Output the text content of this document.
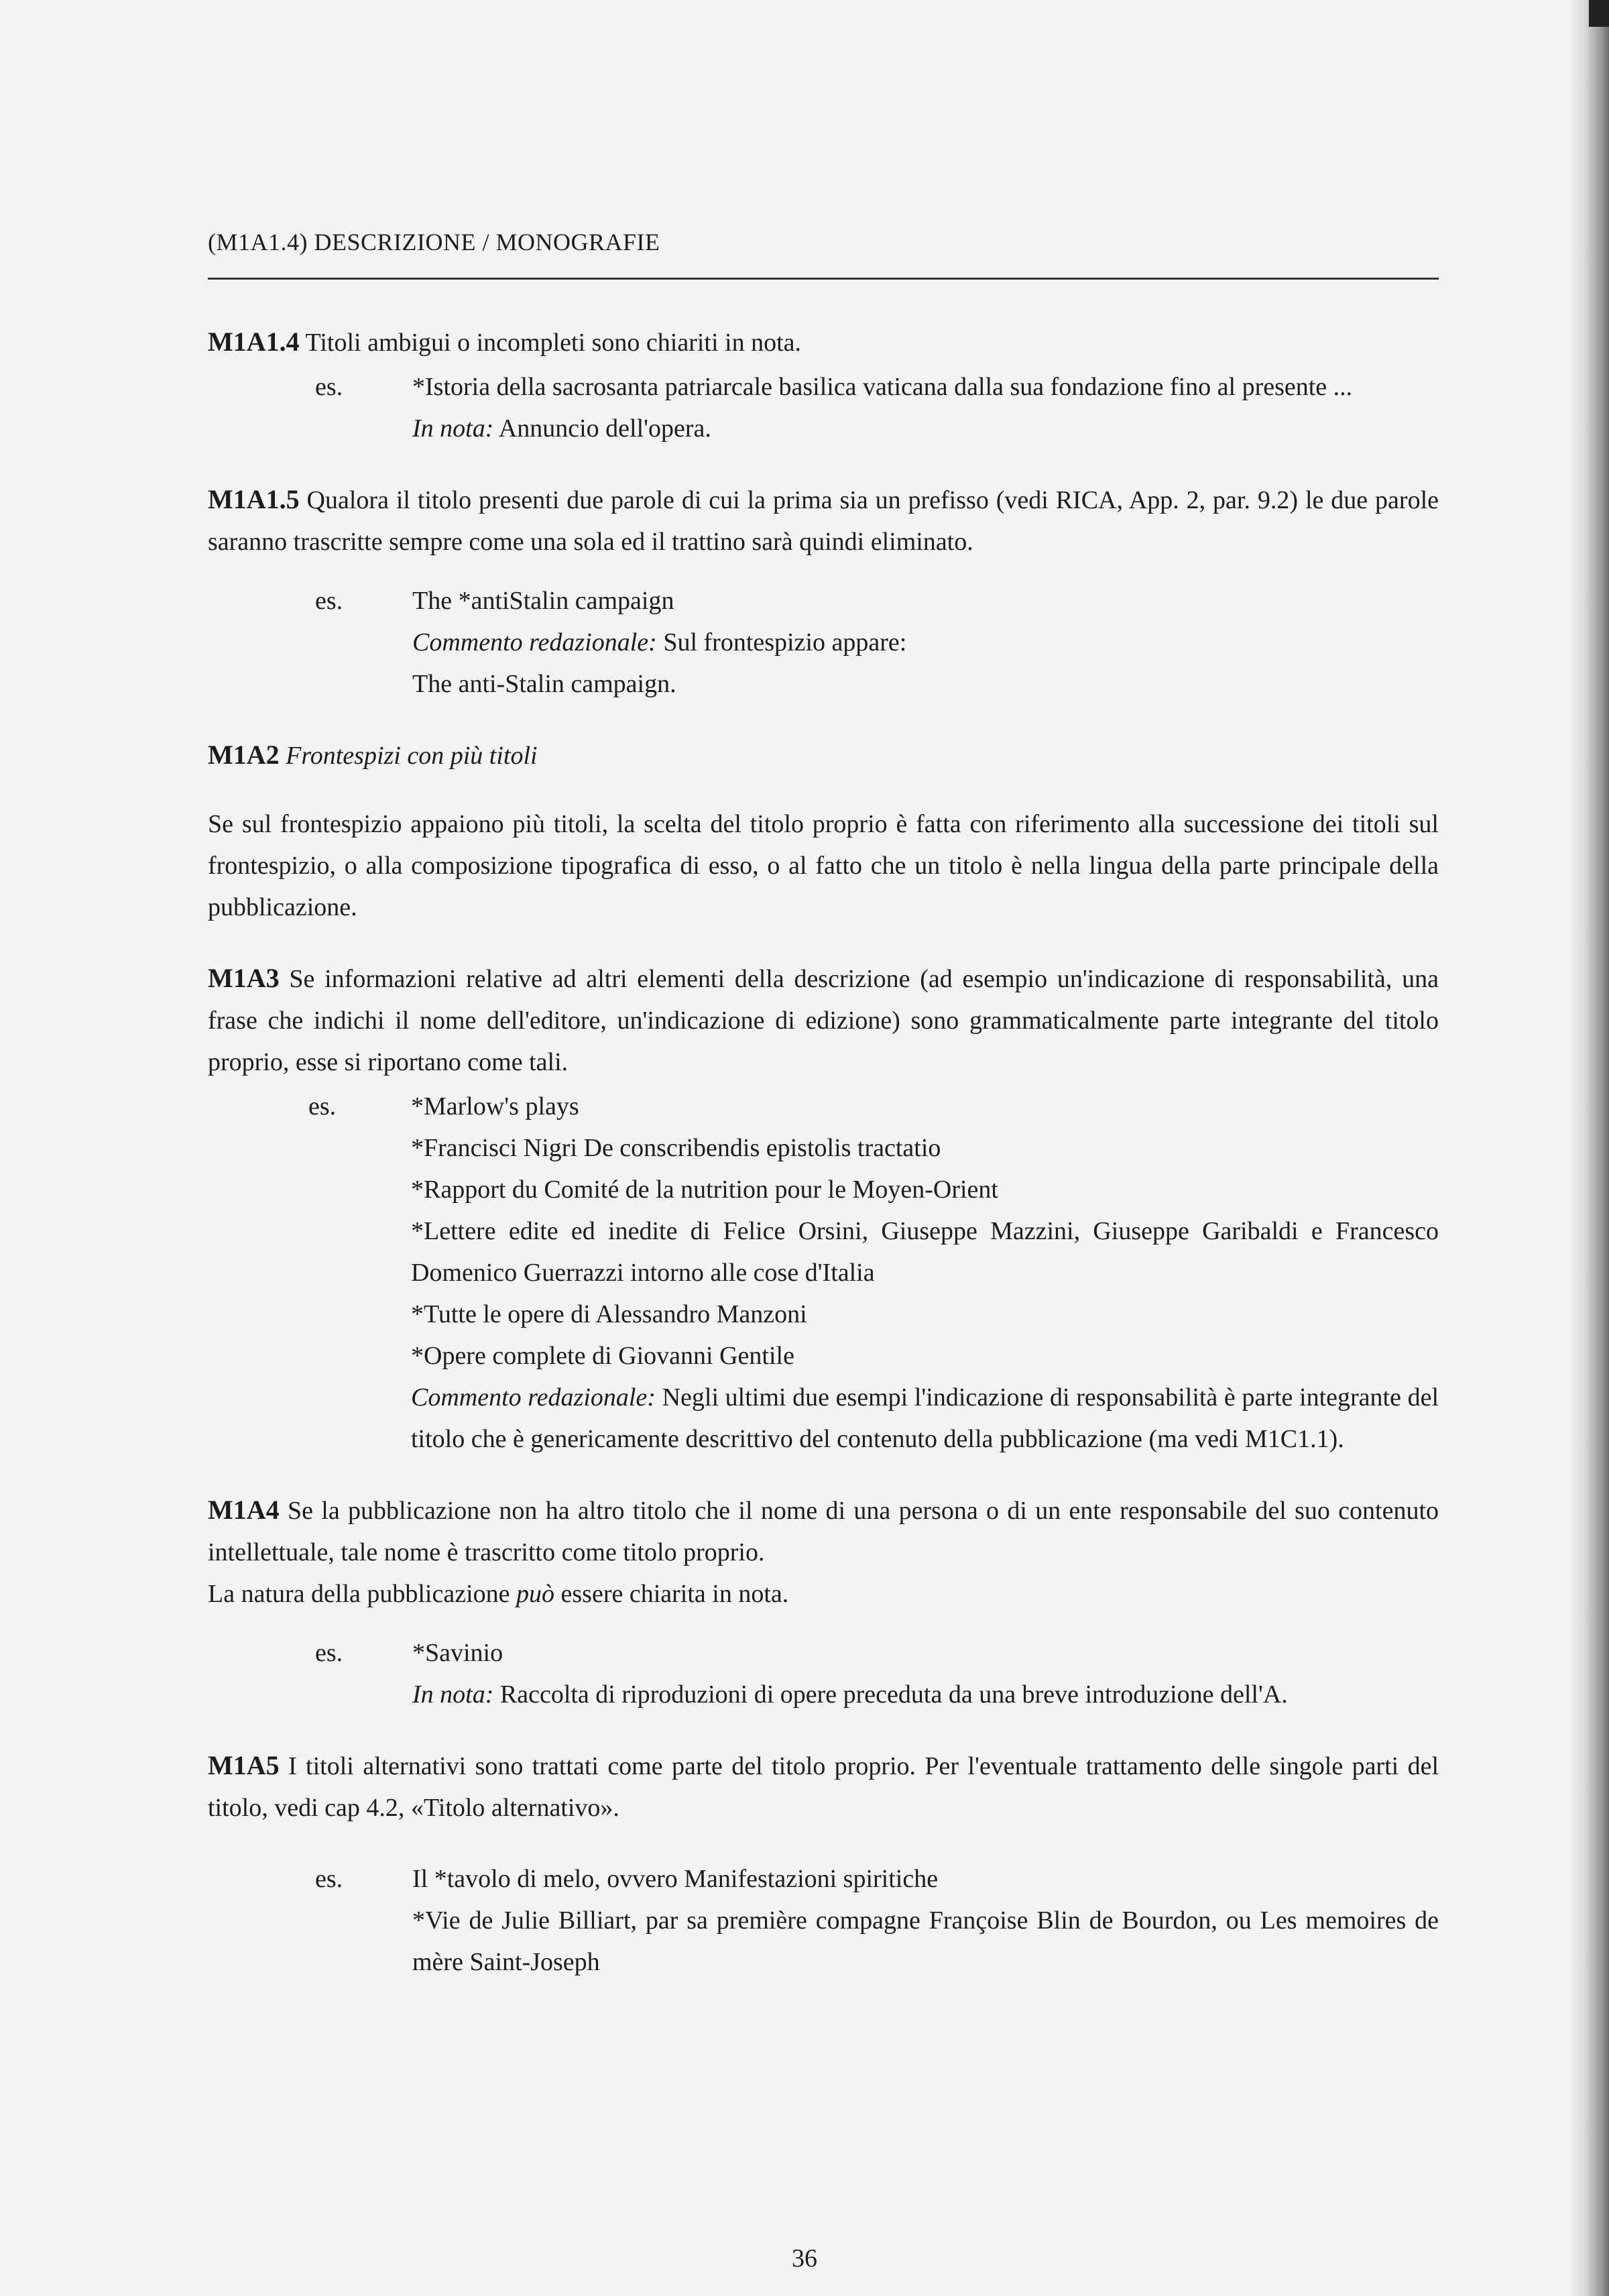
(M1A1.4) DESCRIZIONE / MONOGRAFIE
M1A1.4 Titoli ambigui o incompleti sono chiariti in nota.
es.	*Istoria della sacrosanta patriarcale basilica vaticana dalla sua fondazione fino al presente ...

In nota: Annuncio dell'opera.

M1A1.5 Qualora il titolo presenti due parole di cui la prima sia un prefisso (vedi RICA, App. 2, par. 9.2) le due parole saranno trascritte sempre come una sola ed il trattino sarà quindi eliminato.
es.	The *antiStalin campaign

Commento redazionale: Sul frontespizio appare:

The anti-Stalin campaign.

M1A2 Frontespizi con più titoli
Se sul frontespizio appaiono più titoli, la scelta del titolo proprio è fatta con riferimento alla successione dei titoli sul frontespizio, o alla composizione tipografica di esso, o al fatto che un titolo è nella lingua della parte principale della pubblicazione.
M1A3 Se informazioni relative ad altri elementi della descrizione (ad esempio un'indicazione di responsabilità, una frase che indichi il nome dell'editore, un'indicazione di edizione) sono grammaticalmente parte integrante del titolo proprio, esse si riportano come tali.
es.	*Marlow's plays

*Francisci Nigri De conscribendis epistolis tractatio

*Rapport du Comité de la nutrition pour le Moyen-Orient

*Lettere edite ed inedite di Felice Orsini, Giuseppe Mazzini, Giuseppe Garibaldi e Francesco Domenico Guerrazzi intorno alle cose d'Italia

*Tutte le opere di Alessandro Manzoni

*Opere complete di Giovanni Gentile

Commento redazionale: Negli ultimi due esempi l'indicazione di responsabilità è parte integrante del titolo che è genericamente descrittivo del contenuto della pubblicazione (ma vedi M1C1.1).

M1A4 Se la pubblicazione non ha altro titolo che il nome di una persona o di un ente responsabile del suo contenuto intellettuale, tale nome è trascritto come titolo proprio.
La natura della pubblicazione può essere chiarita in nota.
es.	*Savinio

In nota: Raccolta di riproduzioni di opere preceduta da una breve introduzione dell'A.

M1A5 I titoli alternativi sono trattati come parte del titolo proprio. Per l'eventuale trattamento delle singole parti del titolo, vedi cap 4.2, «Titolo alternativo».
es.	Il *tavolo di melo, ovvero Manifestazioni spiritiche

*Vie de Julie Billiart, par sa première compagne Françoise Blin de Bourdon, ou Les memoires de mère Saint-Joseph

36
